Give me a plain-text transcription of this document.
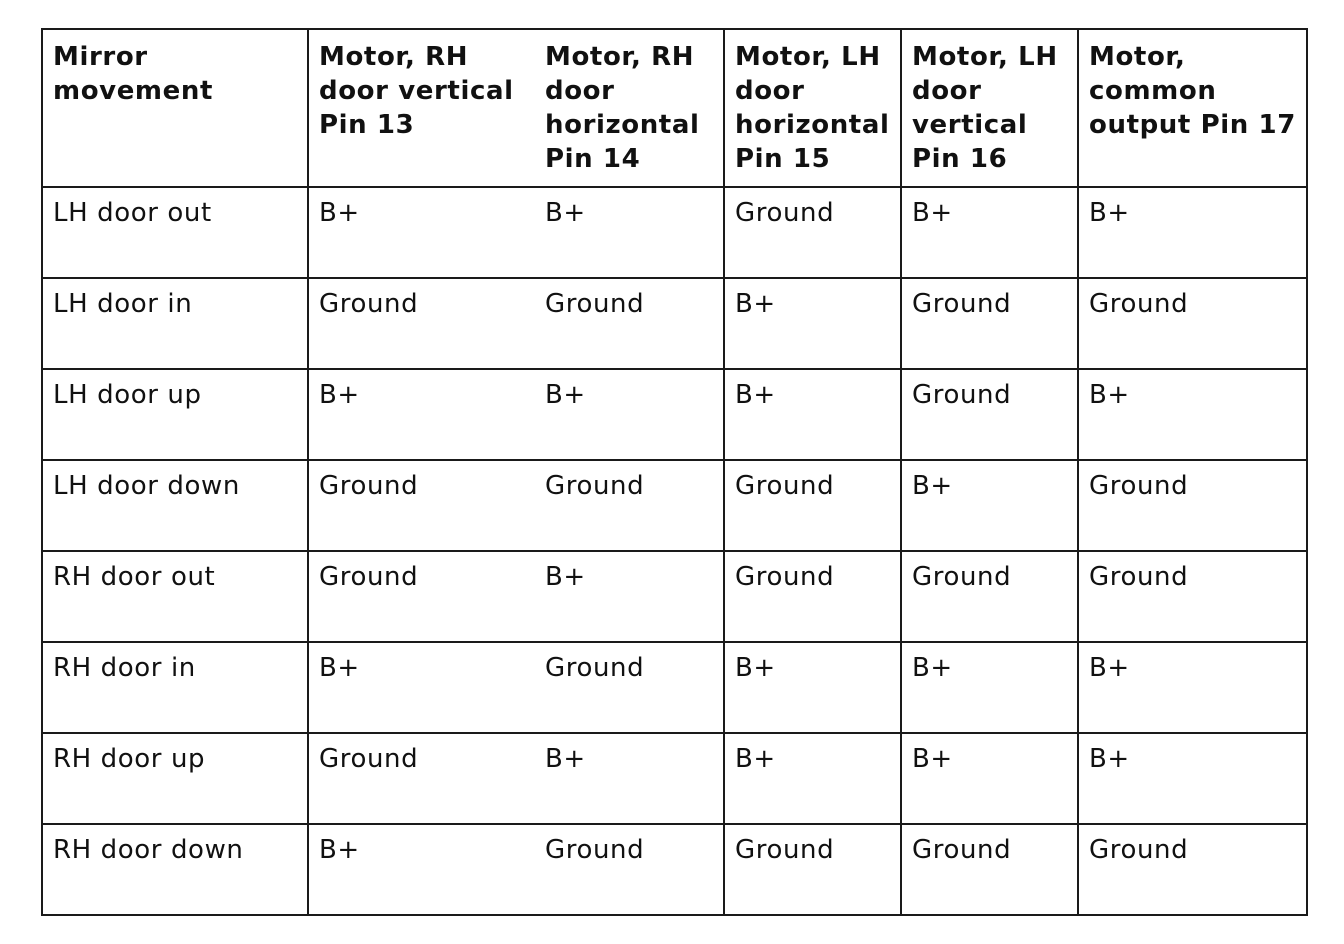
Mirror movement	Motor, RH door vertical Pin 13	Motor, RH door horizontal Pin 14	Motor, LH door horizontal Pin 15	Motor, LH door vertical Pin 16	Motor, common output Pin 17
LH door out	B+	B+	Ground	B+	B+
LH door in	Ground	Ground	B+	Ground	Ground
LH door up	B+	B+	B+	Ground	B+
LH door down	Ground	Ground	Ground	B+	Ground
RH door out	Ground	B+	Ground	Ground	Ground
RH door in	B+	Ground	B+	B+	B+
RH door up	Ground	B+	B+	B+	B+
RH door down	B+	Ground	Ground	Ground	Ground
